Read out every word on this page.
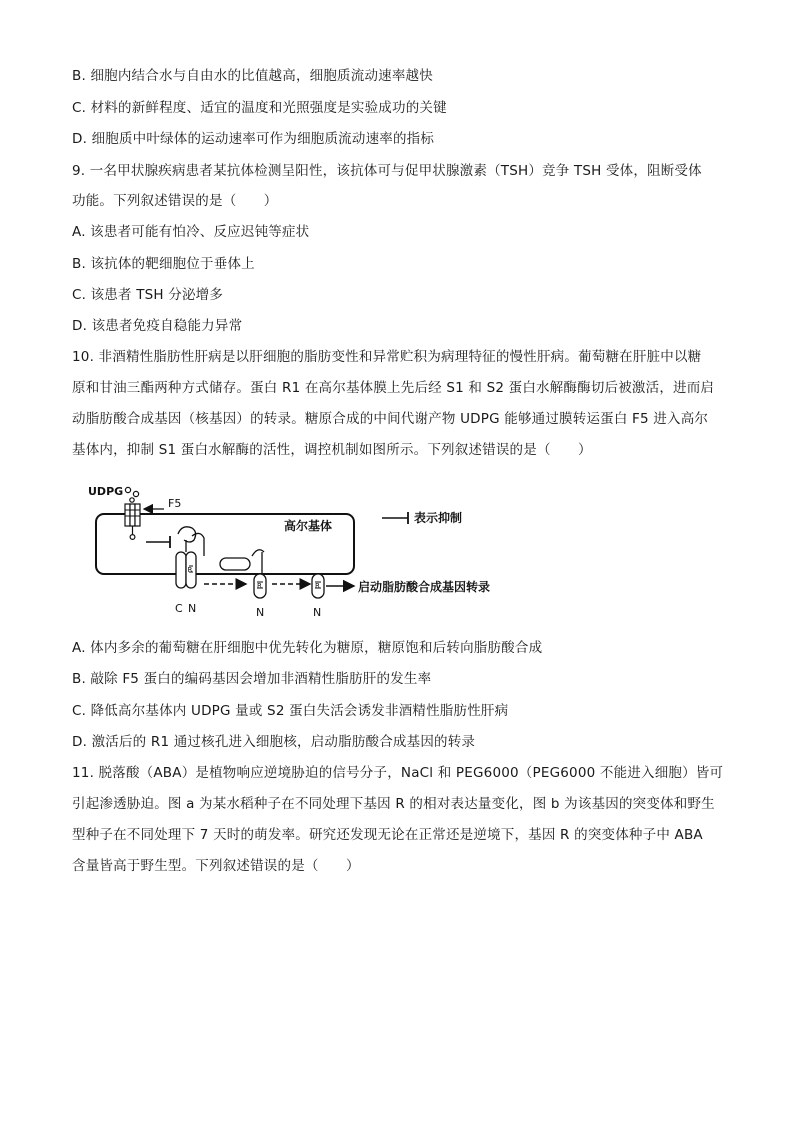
B. 细胞内结合水与自由水的比值越高，细胞质流动速率越快
C. 材料的新鲜程度、适宜的温度和光照强度是实验成功的关键
D. 细胞质中叶绿体的运动速率可作为细胞质流动速率的指标
9. 一名甲状腺疾病患者某抗体检测呈阳性，该抗体可与促甲状腺激素（TSH）竞争 TSH 受体，阻断受体
功能。下列叙述错误的是（　　）
A. 该患者可能有怕冷、反应迟钝等症状
B. 该抗体的靶细胞位于垂体上
C. 该患者 TSH 分泌增多
D. 该患者免疫自稳能力异常
10. 非酒精性脂肪性肝病是以肝细胞的脂肪变性和异常贮积为病理特征的慢性肝病。葡萄糖在肝脏中以糖
原和甘油三酯两种方式储存。蛋白 R1 在高尔基体膜上先后经 S1 和 S2 蛋白水解酶酶切后被激活，进而启
动脂肪酸合成基因（核基因）的转录。糖原合成的中间代谢产物 UDPG 能够通过膜转运蛋白 F5 进入高尔
基体内，抑制 S1 蛋白水解酶的活性，调控机制如图所示。下列叙述错误的是（　　）
UDPG
F5
高尔基体
表示抑制
R
C N
R
N
R
N
启动脂肪酸合成基因转录
A. 体内多余的葡萄糖在肝细胞中优先转化为糖原，糖原饱和后转向脂肪酸合成
B. 敲除 F5 蛋白的编码基因会增加非酒精性脂肪肝的发生率
C. 降低高尔基体内 UDPG 量或 S2 蛋白失活会诱发非酒精性脂肪性肝病
D. 激活后的 R1 通过核孔进入细胞核，启动脂肪酸合成基因的转录
11. 脱落酸（ABA）是植物响应逆境胁迫的信号分子，NaCl 和 PEG6000（PEG6000 不能进入细胞）皆可
引起渗透胁迫。图 a 为某水稻种子在不同处理下基因 R 的相对表达量变化，图 b 为该基因的突变体和野生
型种子在不同处理下 7 天时的萌发率。研究还发现无论在正常还是逆境下，基因 R 的突变体种子中 ABA
含量皆高于野生型。下列叙述错误的是（　　）
